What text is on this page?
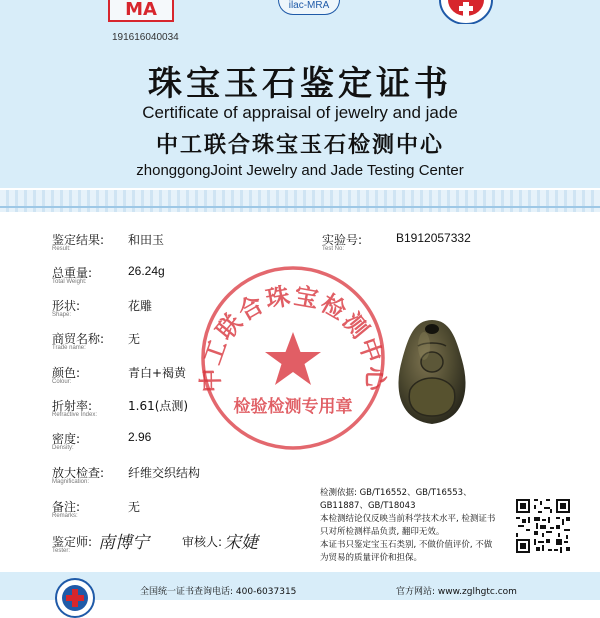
MA
191616040034
ilac-MRA
珠宝玉石鉴定证书
Certificate of appraisal of jewelry and jade
中工联合珠宝玉石检测中心
zhonggongJoint Jewelry and Jade Testing Center
鉴定结果:
Result:
和田玉
总重量:
Total Weight:
26.24g
形状:
Shape:
花雕
商贸名称:
Trade name:
无
颜色:
Colour:
青白+褐黄
折射率:
Refractive Index:
1.61(点测)
密度:
Density:
2.96
放大检查:
Magnification:
纤维交织结构
备注:
Remarks:
无
实验号:
Test No:
B1912057332
鉴定师:
Tester: 南博宁	审核人: 宋婕
中工联合珠宝检测中心
检验检测专用章

检测依据: GB/T16552、GB/T16553、

GB11887、GB/T18043

本检测结论仅反映当前科学技术水平, 检测证书

只对所检测样品负责, 翻印无效。

本证书只鉴定宝玉石类别, 不做价值评价, 不做

为贸易的质量评价和担保。

全国统一证书查询电话: 400-6037315	官方网站: www.zglhgtc.com
